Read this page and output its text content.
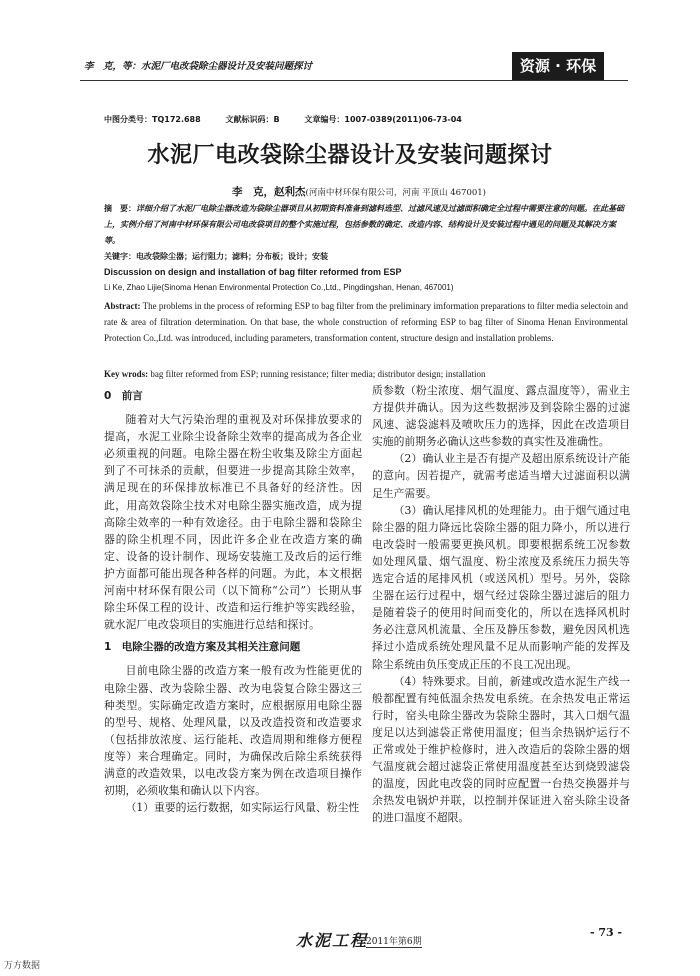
李　克，等：水泥厂电改袋除尘器设计及安装问题探讨	资源 · 环保
中图分类号：TQ172.688	文献标识码：B	文章编号：1007-0389(2011)06-73-04
水泥厂电改袋除尘器设计及安装问题探讨
李　克，赵利杰(河南中材环保有限公司，河南 平顶山 467001)
摘　要：详细介绍了水泥厂电除尘器改造为袋除尘器项目从初期资料准备到滤料选型、过滤风速及过滤面积确定全过程中需要注意的问题。在此基础上，实例介绍了河南中材环保有限公司电改袋项目的整个实施过程，包括参数的确定、改造内容、结构设计及安装过程中遇见的问题及其解决方案等。
关键字：电改袋除尘器；运行阻力；滤料；分布板；设计；安装
Discussion on design and installation of bag filter reformed from ESP
Li Ke, Zhao Lijie(Sinoma Henan Environmental Protection Co.,Ltd., Pingdingshan, Henan, 467001)
Abstract: The problems in the process of reforming ESP to bag filter from the preliminary imformation preparations to filter media selectoin and rate & area of filtration determination. On that base, the whole construction of reforming ESP to bag filter of Sinoma Henan Environmental Protection Co.,Ltd. was introduced, including parameters, transformation content, structure design and installation problems.
Key wrods: bag filter reformed from ESP; running resistance; filter media; distributor design; installation
0　前言

随着对大气污染治理的重视及对环保排放要求的提高，水泥工业除尘设备除尘效率的提高成为各企业必须重视的问题。电除尘器在粉尘收集及除尘方面起到了不可抹杀的贡献，但要进一步提高其除尘效率，满足现在的环保排放标准已不具备好的经济性。因此，用高效袋除尘技术对电除尘器实施改造，成为提高除尘效率的一种有效途径。由于电除尘器和袋除尘器的除尘机理不同，因此许多企业在改造方案的确定、设备的设计制作、现场安装施工及改后的运行维护方面都可能出现各种各样的问题。为此，本文根据河南中材环保有限公司（以下简称“公司”）长期从事除尘环保工程的设计、改造和运行维护等实践经验，就水泥厂电改袋项目的实施进行总结和探讨。

1　电除尘器的改造方案及其相关注意问题

目前电除尘器的改造方案一般有改为性能更优的电除尘器、改为袋除尘器、改为电袋复合除尘器这三种类型。实际确定改造方案时，应根据原用电除尘器的型号、规格、处理风量，以及改造投资和改造要求（包括排放浓度、运行能耗、改造周期和维修方便程度等）来合理确定。同时，为确保改后除尘系统获得满意的改造效果，以电改袋方案为例在改造项目操作初期，必须收集和确认以下内容。

（1）重要的运行数据，如实际运行风量、粉尘性

质参数（粉尘浓度、烟气温度、露点温度等），需业主方提供并确认。因为这些数据涉及到袋除尘器的过滤风速、滤袋滤料及喷吹压力的选择，因此在改造项目实施的前期务必确认这些参数的真实性及准确性。

（2）确认业主是否有提产及超出原系统设计产能的意向。因若提产，就需考虑适当增大过滤面积以满足生产需要。

（3）确认尾排风机的处理能力。由于烟气通过电除尘器的阻力降远比袋除尘器的阻力降小，所以进行电改袋时一般需要更换风机。即要根据系统工况参数如处理风量、烟气温度、粉尘浓度及系统压力损失等选定合适的尾排风机（或送风机）型号。另外，袋除尘器在运行过程中，烟气经过袋除尘器过滤后的阻力是随着袋子的使用时间而变化的，所以在选择风机时务必注意风机流量、全压及静压参数，避免因风机选择过小造成系统处理风量不足从而影响产能的发挥及除尘系统由负压变成正压的不良工况出现。

（4）特殊要求。目前，新建或改造水泥生产线一般都配置有纯低温余热发电系统。在余热发电正常运行时，窑头电除尘器改为袋除尘器时，其入口烟气温度足以达到滤袋正常使用温度；但当余热锅炉运行不正常或处于维护检修时，进入改造后的袋除尘器的烟气温度就会超过滤袋正常使用温度甚至达到烧毁滤袋的温度，因此电改袋的同时应配置一台热交换器并与余热发电锅炉并联，以控制并保证进入窑头除尘设备的进口温度不超限。

水泥工程
2011年第6期
- 73 -
万方数据
